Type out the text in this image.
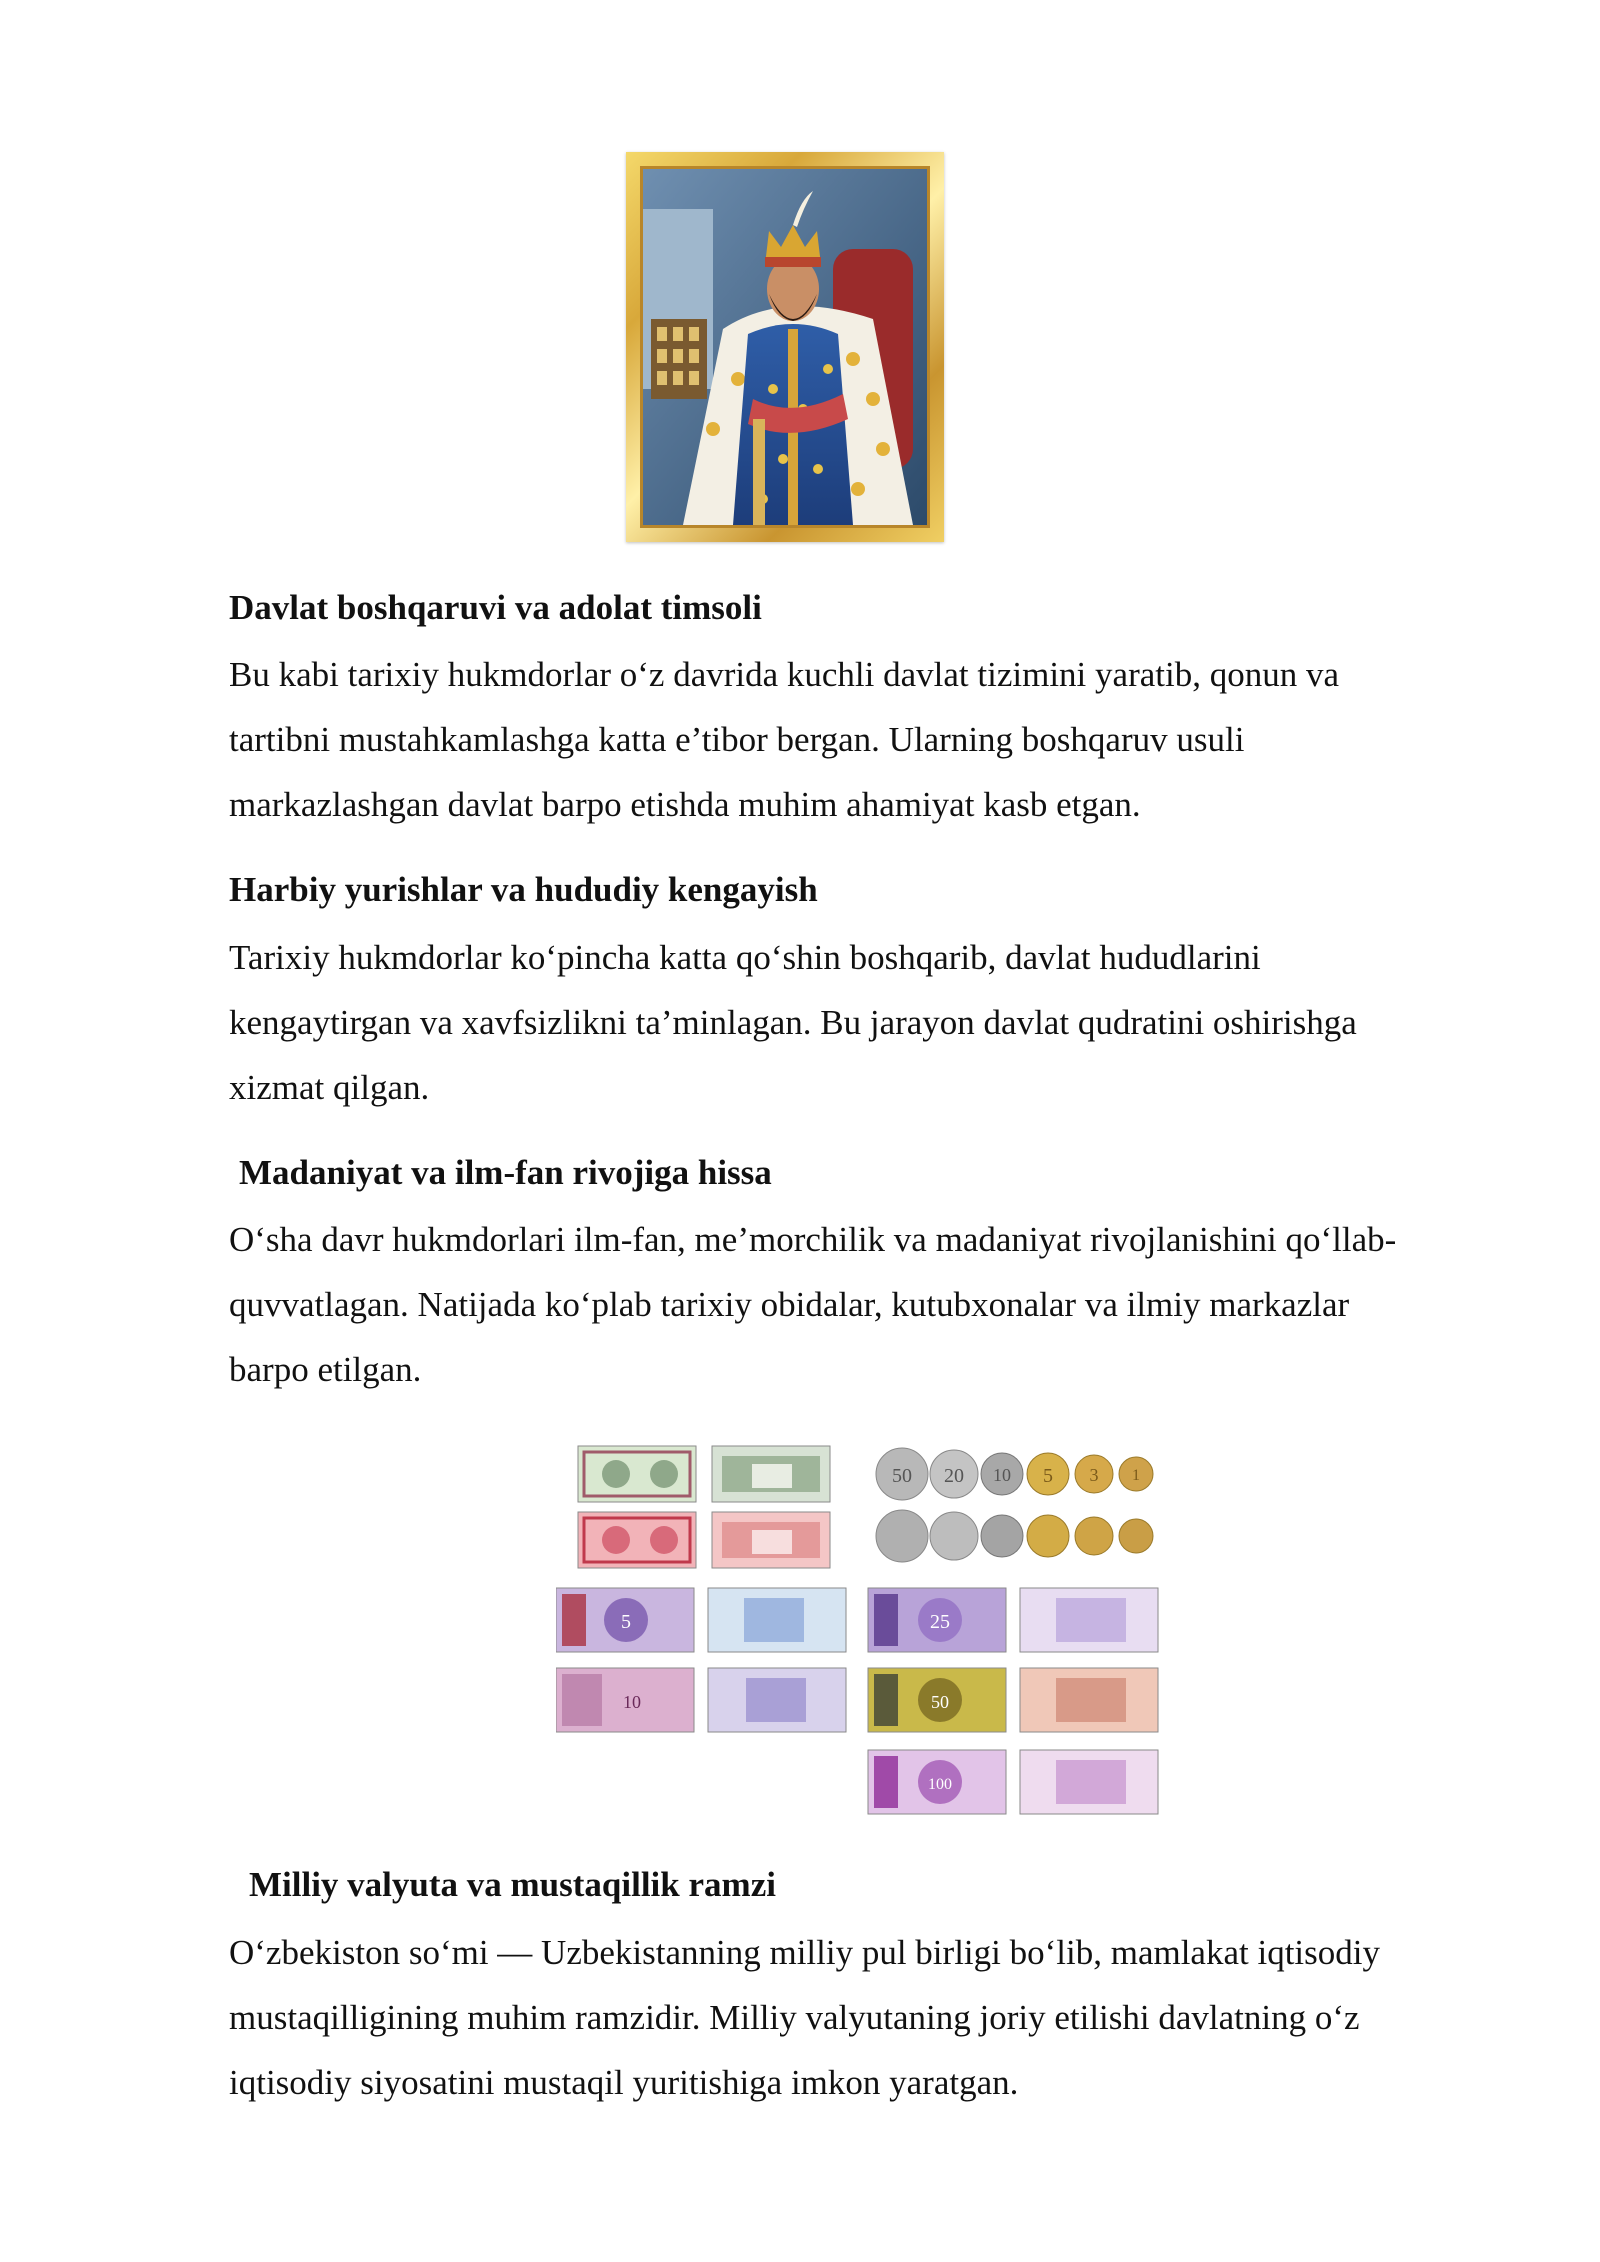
Davlat boshqaruvi va adolat timsoli
Bu kabi tarixiy hukmdorlar o‘z davrida kuchli davlat tizimini yaratib, qonun va
tartibni mustahkamlashga katta e’tibor bergan. Ularning boshqaruv usuli
markazlashgan davlat barpo etishda muhim ahamiyat kasb etgan.
Harbiy yurishlar va hududiy kengayish
Tarixiy hukmdorlar ko‘pincha katta qo‘shin boshqarib, davlat hududlarini
kengaytirgan va xavfsizlikni ta’minlagan. Bu jarayon davlat qudratini oshirishga
xizmat qilgan.
Madaniyat va ilm-fan rivojiga hissa
O‘sha davr hukmdorlari ilm-fan, me’morchilik va madaniyat rivojlanishini qo‘llab-
quvvatlagan. Natijada ko‘plab tarixiy obidalar, kutubxonalar va ilmiy markazlar
barpo etilgan.
50 20 10 5 3 1
5	25
10	50
100
Milliy valyuta va mustaqillik ramzi
O‘zbekiston so‘mi — Uzbekistanning milliy pul birligi bo‘lib, mamlakat iqtisodiy
mustaqilligining muhim ramzidir. Milliy valyutaning joriy etilishi davlatning o‘z
iqtisodiy siyosatini mustaqil yuritishiga imkon yaratgan.
